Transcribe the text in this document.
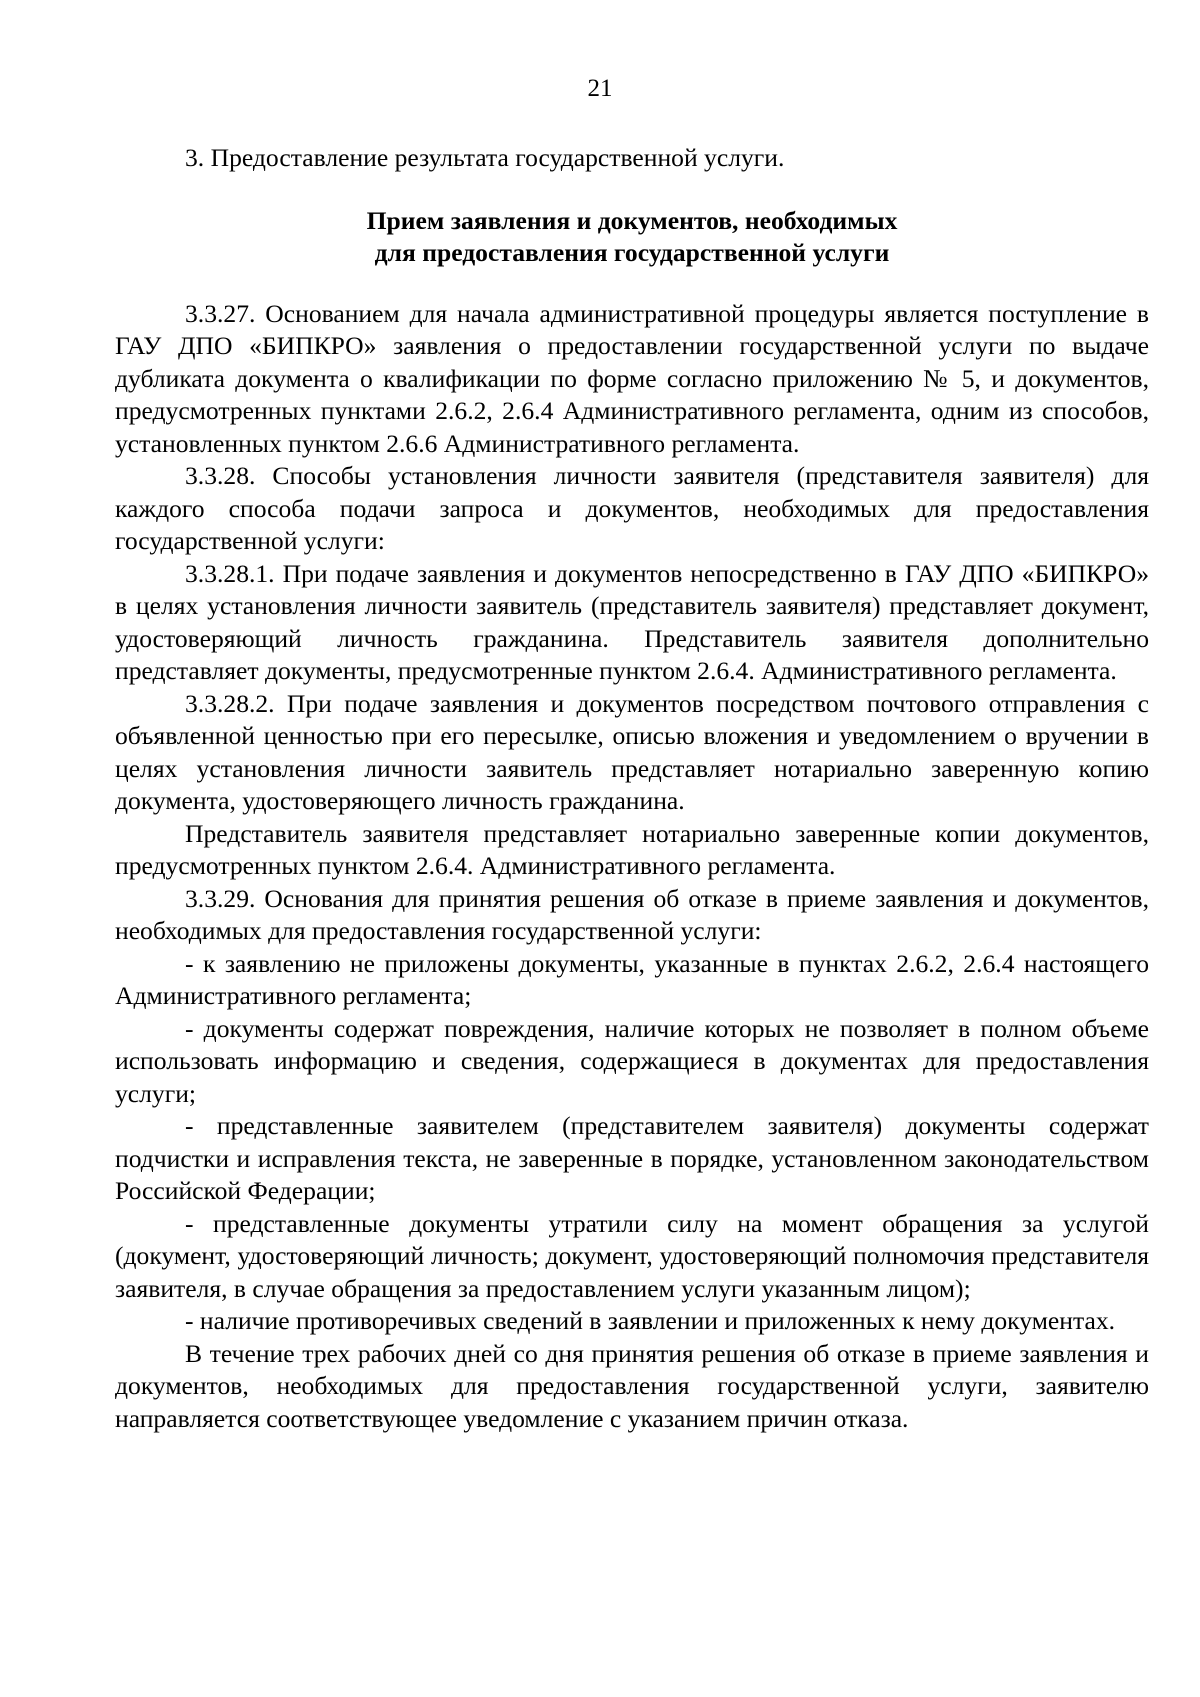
21

3. Предоставление результата государственной услуги.

Прием заявления и документов, необходимых
для предоставления государственной услуги

3.3.27. Основанием для начала административной процедуры является поступление в ГАУ ДПО «БИПКРО» заявления о предоставлении государственной услуги по выдаче дубликата документа о квалификации по форме согласно приложению № 5, и документов, предусмотренных пунктами 2.6.2, 2.6.4 Административного регламента, одним из способов, установленных пунктом 2.6.6 Административного регламента.

3.3.28. Способы установления личности заявителя (представителя заявителя) для каждого способа подачи запроса и документов, необходимых для предоставления государственной услуги:

3.3.28.1. При подаче заявления и документов непосредственно в ГАУ ДПО «БИПКРО» в целях установления личности заявитель (представитель заявителя) представляет документ, удостоверяющий личность гражданина. Представитель заявителя дополнительно представляет документы, предусмотренные пунктом 2.6.4. Административного регламента.

3.3.28.2. При подаче заявления и документов посредством почтового отправления с объявленной ценностью при его пересылке, описью вложения и уведомлением о вручении в целях установления личности заявитель представляет нотариально заверенную копию документа, удостоверяющего личность гражданина.

Представитель заявителя представляет нотариально заверенные копии документов, предусмотренных пунктом 2.6.4. Административного регламента.

3.3.29. Основания для принятия решения об отказе в приеме заявления и документов, необходимых для предоставления государственной услуги:

- к заявлению не приложены документы, указанные в пунктах 2.6.2, 2.6.4 настоящего Административного регламента;

- документы содержат повреждения, наличие которых не позволяет в полном объеме использовать информацию и сведения, содержащиеся в документах для предоставления услуги;

- представленные заявителем (представителем заявителя) документы содержат подчистки и исправления текста, не заверенные в порядке, установленном законодательством Российской Федерации;

- представленные документы утратили силу на момент обращения за услугой (документ, удостоверяющий личность; документ, удостоверяющий полномочия представителя заявителя, в случае обращения за предоставлением услуги указанным лицом);

- наличие противоречивых сведений в заявлении и приложенных к нему документах.

В течение трех рабочих дней со дня принятия решения об отказе в приеме заявления и документов, необходимых для предоставления государственной услуги, заявителю направляется соответствующее уведомление с указанием причин отказа.
